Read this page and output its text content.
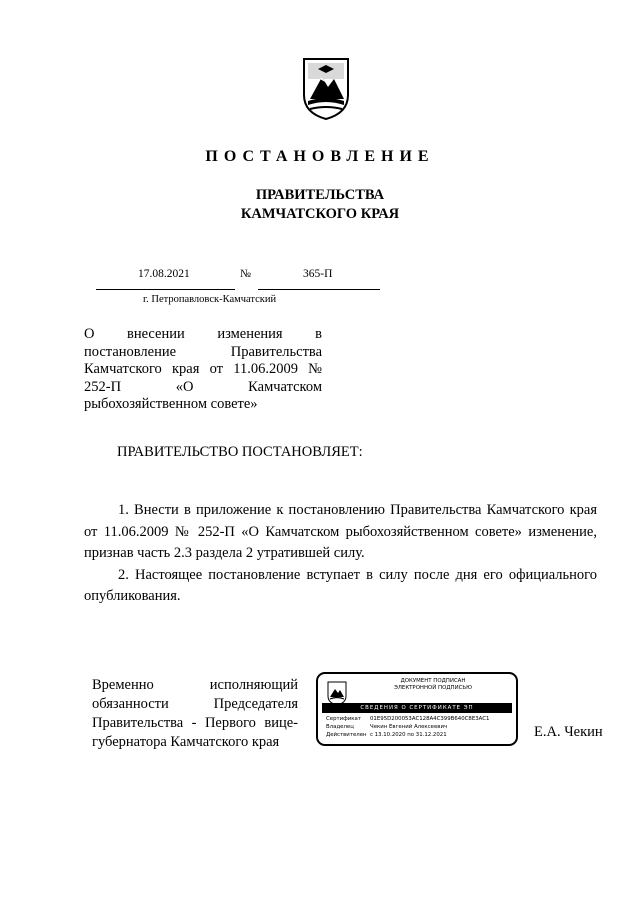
ПОСТАНОВЛЕНИЕ
ПРАВИТЕЛЬСТВА
КАМЧАТСКОГО КРАЯ
17.08.2021	№	365-П
г. Петропавловск-Камчатский
О внесении изменения в постановление Правительства Камчатского края от 11.06.2009 № 252-П «О Камчатском рыбохозяйственном совете»
ПРАВИТЕЛЬСТВО ПОСТАНОВЛЯЕТ:

1. Внести в приложение к постановлению Правительства Камчатского края от 11.06.2009 № 252-П «О Камчатском рыбохозяйственном совете» изменение, признав часть 2.3 раздела 2 утратившей силу.

2. Настоящее постановление вступает в силу после дня его официального опубликования.

Временно исполняющий обязанности Председателя Правительства - Первого вице-губернатора Камчатского края
ДОКУМЕНТ ПОДПИСАН
ЭЛЕКТРОННОЙ ПОДПИСЬЮ
СВЕДЕНИЯ О СЕРТИФИКАТЕ ЭП
Сертификат 01E95D200053AC128A4C399B640C8E3AC1
Владелец	Чекин Евгений Алексеевич
Действителен с 13.10.2020 по 31.12.2021	Е.А. Чекин
